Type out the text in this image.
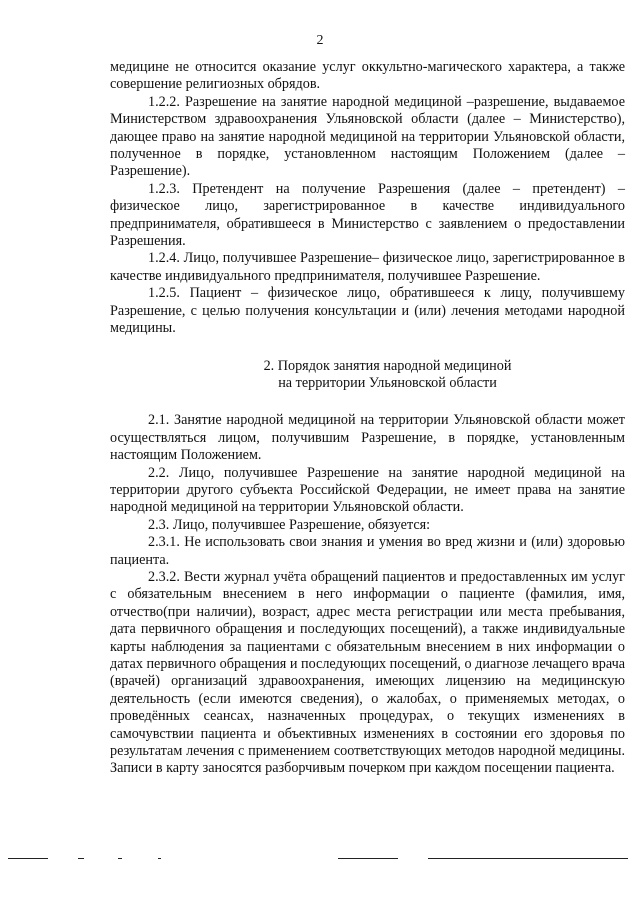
2

медицине не относится оказание услуг оккультно-магического характера, а также совершение религиозных обрядов.

1.2.2. Разрешение на занятие народной медициной –разрешение, выдаваемое Министерством здравоохранения Ульяновской области (далее – Министерство), дающее право на занятие народной медициной на территории Ульяновской области, полученное в порядке, установленном настоящим Положением (далее – Разрешение).

1.2.3. Претендент на получение Разрешения (далее – претендент) – физическое лицо, зарегистрированное в качестве индивидуального предпринимателя, обратившееся в Министерство с заявлением о предоставлении Разрешения.

1.2.4. Лицо, получившее Разрешение– физическое лицо, зарегистрированное в качестве индивидуального предпринимателя, получившее Разрешение.

1.2.5. Пациент – физическое лицо, обратившееся к лицу, получившему Разрешение, с целью получения консультации и (или) лечения методами народной медицины.

2. Порядок занятия народной медициной
на территории Ульяновской области

2.1. Занятие народной медициной на территории Ульяновской области может осуществляться лицом, получившим Разрешение, в порядке, установленным настоящим Положением.

2.2. Лицо, получившее Разрешение на занятие народной медициной на территории другого субъекта Российской Федерации, не имеет права на занятие народной медициной на территории Ульяновской области.

2.3. Лицо, получившее Разрешение, обязуется:

2.3.1. Не использовать свои знания и умения во вред жизни и (или) здоровью пациента.

2.3.2. Вести журнал учёта обращений пациентов и предоставленных им услуг с обязательным внесением в него информации о пациенте (фамилия, имя, отчество(при наличии), возраст, адрес места регистрации или места пребывания, дата первичного обращения и последующих посещений), а также индивидуальные карты наблюдения за пациентами с обязательным внесением в них информации о датах первичного обращения и последующих посещений, о диагнозе лечащего врача (врачей) организаций здравоохранения, имеющих лицензию на медицинскую деятельность (если имеются сведения), о жалобах, о применяемых методах, о проведённых сеансах, назначенных процедурах, о текущих изменениях в самочувствии пациента и объективных изменениях в состоянии его здоровья по результатам лечения с применением соответствующих методов народной медицины. Записи в карту заносятся разборчивым почерком при каждом посещении пациента.
